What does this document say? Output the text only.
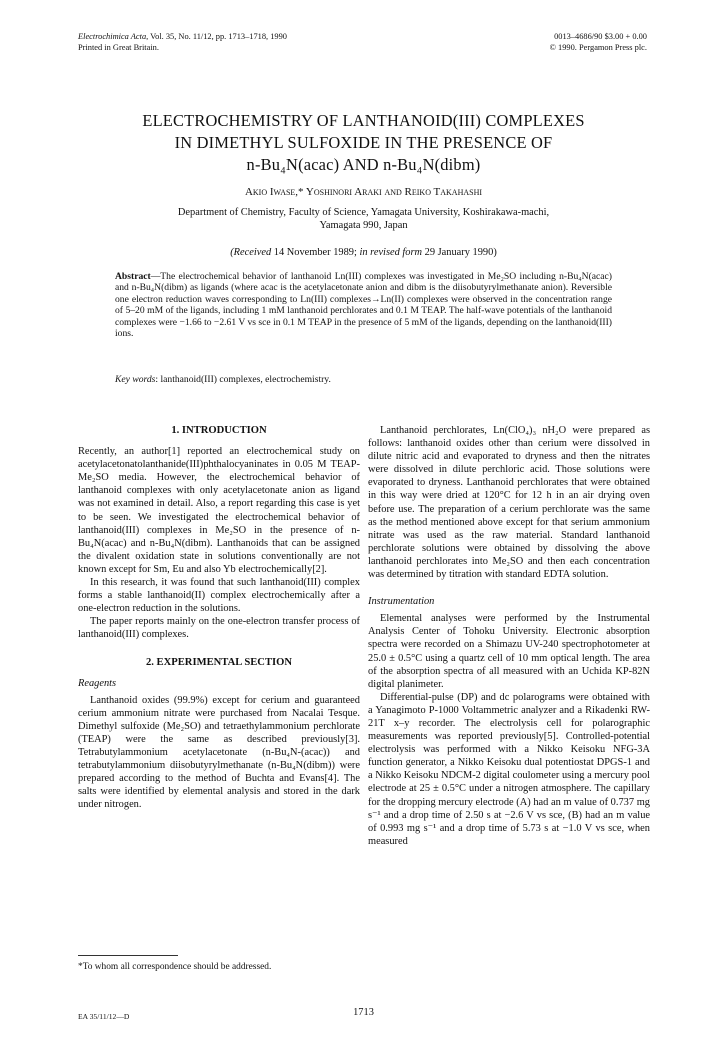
Electrochimica Acta, Vol. 35, No. 11/12, pp. 1713–1718, 1990
Printed in Great Britain.
0013–4686/90 $3.00 + 0.00
© 1990. Pergamon Press plc.
ELECTROCHEMISTRY OF LANTHANOID(III) COMPLEXES
IN DIMETHYL SULFOXIDE IN THE PRESENCE OF
n-Bu₄N(acac) AND n-Bu₄N(dibm)
Akio Iwase,* Yoshinori Araki and Reiko Takahashi
Department of Chemistry, Faculty of Science, Yamagata University, Koshirakawa-machi,
Yamagata 990, Japan
(Received 14 November 1989; in revised form 29 January 1990)
Abstract—The electrochemical behavior of lanthanoid Ln(III) complexes was investigated in Me₂SO including n-Bu₄N(acac) and n-Bu₄N(dibm) as ligands (where acac is the acetylacetonate anion and dibm is the diisobutyrylmethanate anion). Reversible one electron reduction waves corresponding to Ln(III) complexes→Ln(II) complexes were observed in the concentration range of 5–20 mM of the ligands, including 1 mM lanthanoid perchlorates and 0.1 M TEAP. The half-wave potentials of the lanthanoid complexes were −1.66 to −2.61 V vs sce in 0.1 M TEAP in the presence of 5 mM of the ligands, depending on the lanthanoid(III) ions.
Key words: lanthanoid(III) complexes, electrochemistry.
1. INTRODUCTION

Recently, an author[1] reported an electrochemical study on acetylacetonatolanthanide(III)phthalocyaninates in 0.05 M TEAP-Me₂SO media. However, the electrochemical behavior of lanthanoid complexes with only acetylacetonate anion as ligand was not examined in detail. Also, a report regarding this case is yet to be seen. We investigated the electrochemical behavior of lanthanoid(III) complexes in Me₂SO in the presence of n-Bu₄N(acac) and n-Bu₄N(dibm). Lanthanoids that can be assigned the divalent oxidation state in solutions conventionally are not known except for Sm, Eu and also Yb electrochemically[2].

In this research, it was found that such lanthanoid(III) complex forms a stable lanthanoid(II) complex electrochemically after a one-electron reduction in the solutions.

The paper reports mainly on the one-electron transfer process of lanthanoid(III) complexes.

2. EXPERIMENTAL SECTION
Reagents

Lanthanoid oxides (99.9%) except for cerium and guaranteed cerium ammonium nitrate were purchased from Nacalai Tesque. Dimethyl sulfoxide (Me₂SO) and tetraethylammonium perchlorate (TEAP) were the same as described previously[3]. Tetrabutylammonium acetylacetonate (n-Bu₄N-(acac)) and tetrabutylammonium diisobutyrylmethanate (n-Bu₄N(dibm)) were prepared according to the method of Buchta and Evans[4]. The salts were identified by elemental analysis and stored in the dark under nitrogen.

Lanthanoid perchlorates, Ln(ClO₄)₃ nH₂O were prepared as follows: lanthanoid oxides other than cerium were dissolved in dilute nitric acid and evaporated to dryness and then the nitrates were dissolved in dilute perchloric acid. Those solutions were evaporated to dryness. Lanthanoid perchlorates that were obtained in this way were dried at 120°C for 12 h in an air drying oven before use. The preparation of a cerium perchlorate was the same as the method mentioned above except for that serium ammonium nitrate was used as the raw material. Standard lanthanoid perchlorate solutions were obtained by dissolving the above lanthanoid perchlorates into Me₂SO and then each concentration was determined by titration with standard EDTA solution.

Instrumentation

Elemental analyses were performed by the Instrumental Analysis Center of Tohoku University. Electronic absorption spectra were recorded on a Shimazu UV-240 spectrophotometer at 25.0 ± 0.5°C using a quartz cell of 10 mm optical length. The area of the absorption spectra of all measured with an Uchida KP-82N digital planimeter.

Differential-pulse (DP) and dc polarograms were obtained with a Yanagimoto P-1000 Voltammetric analyzer and a Rikadenki RW-21T x–y recorder. The electrolysis cell for polarographic measurements was reported previously[5]. Controlled-potential electrolysis was performed with a Nikko Keisoku NFG-3A function generator, a Nikko Keisoku dual potentiostat DPGS-1 and a Nikko Keisoku NDCM-2 digital coulometer using a mercury pool electrode at 25 ± 0.5°C under a nitrogen atmosphere. The capillary for the dropping mercury electrode (A) had an m value of 0.737 mg s⁻¹ and a drop time of 2.50 s at −2.6 V vs sce, (B) had an m value of 0.993 mg s⁻¹ and a drop time of 5.73 s at −1.0 V vs sce, when measured

*To whom all correspondence should be addressed.
EA 35/11/12—D	1713
